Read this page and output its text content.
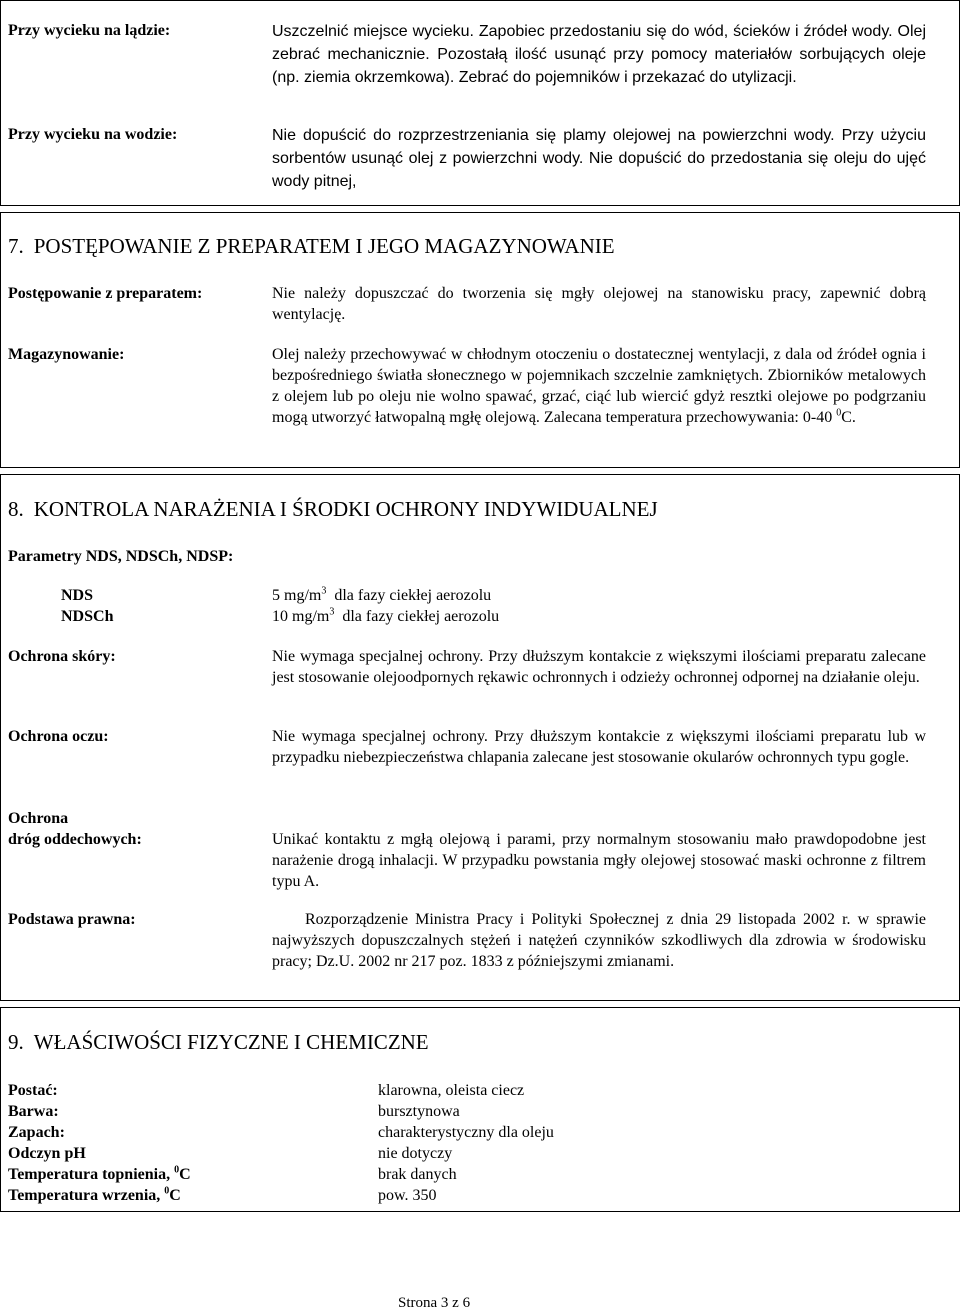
Przy wycieku na lądzie:	Uszczelnić miejsce wycieku. Zapobiec przedostaniu się do wód, ścieków i źródeł wody. Olej zebrać mechanicznie. Pozostałą ilość usunąć przy pomocy materiałów sorbujących oleje (np. ziemia okrzemkowa). Zebrać do pojemników i przekazać do utylizacji.
Przy wycieku na wodzie:	Nie dopuścić do rozprzestrzeniania się plamy olejowej na powierzchni wody. Przy użyciu sorbentów usunąć olej z powierzchni wody. Nie dopuścić do przedostania się oleju do ujęć wody pitnej,
7. POSTĘPOWANIE Z PREPARATEM I JEGO MAGAZYNOWANIE
Postępowanie z preparatem:	Nie należy dopuszczać do tworzenia się mgły olejowej na stanowisku pracy, zapewnić dobrą wentylację.
Magazynowanie:	Olej należy przechowywać w chłodnym otoczeniu o dostatecznej wentylacji, z dala od źródeł ognia i bezpośredniego światła słonecznego w pojemnikach szczelnie zamkniętych. Zbiorników metalowych z olejem lub po oleju nie wolno spawać, grzać, ciąć lub wiercić gdyż resztki olejowe po podgrzaniu mogą utworzyć łatwopalną mgłę olejową. Zalecana temperatura przechowywania: 0-40 $^0$C.
8. KONTROLA NARAŻENIA I ŚRODKI OCHRONY INDYWIDUALNEJ
Parametry NDS, NDSCh, NDSP:
NDS	5 $mg/m^3$ dla fazy ciekłej aerozolu
NDSCh	10 $mg/m^3$ dla fazy ciekłej aerozolu
Ochrona skóry:	Nie wymaga specjalnej ochrony. Przy dłuższym kontakcie z większymi ilościami preparatu zalecane jest stosowanie olejoodpornych rękawic ochronnych i odzieży ochronnej odpornej na działanie oleju.
Ochrona oczu:	Nie wymaga specjalnej ochrony. Przy dłuższym kontakcie z większymi ilościami preparatu lub w przypadku niebezpieczeństwa chlapania zalecane jest stosowanie okularów ochronnych typu gogle.
Ochrona
dróg oddechowych:	Unikać kontaktu z mgłą olejową i parami, przy normalnym stosowaniu mało prawdopodobne jest narażenie drogą inhalacji. W przypadku powstania mgły olejowej stosować maski ochronne z filtrem typu A.
Podstawa prawna:	Rozporządzenie Ministra Pracy i Polityki Społecznej z dnia 29 listopada 2002 r. w sprawie najwyższych dopuszczalnych stężeń i natężeń czynników szkodliwych dla zdrowia w środowisku pracy; Dz.U. 2002 nr 217 poz. 1833 z późniejszymi zmianami.
9. WŁAŚCIWOŚCI FIZYCZNE I CHEMICZNE
Postać:	klarowna, oleista ciecz
Barwa:	bursztynowa
Zapach:	charakterystyczny dla oleju
Odczyn pH	nie dotyczy
Temperatura topnienia, $^0$C	brak danych
Temperatura wrzenia, $^0$C	pow. 350
Strona 3 z 6
